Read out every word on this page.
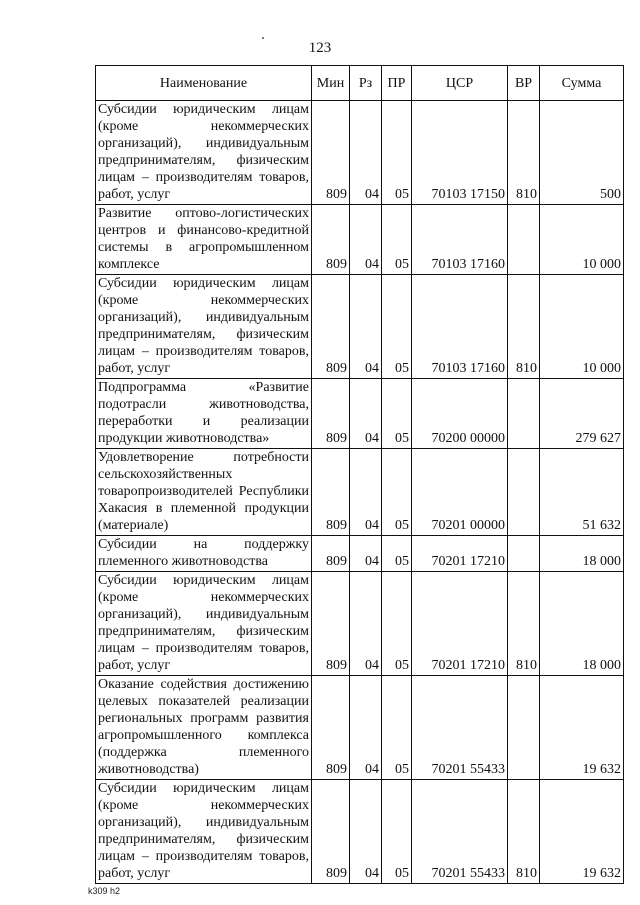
123
Наименование	Мин	Рз	ПР	ЦСР	ВР	Сумма
Субсидии юридическим лицам (кроме некоммерческих организаций), индивидуальным предпринимателям, физическим лицам – производителям товаров, работ, услуг	809	04	05	70103 17150	810	500
Развитие оптово-логистических центров и финансово-кредитной системы в агропромышленном комплексе	809	04	05	70103 17160		10 000
Субсидии юридическим лицам (кроме некоммерческих организаций), индивидуальным предпринимателям, физическим лицам – производителям товаров, работ, услуг	809	04	05	70103 17160	810	10 000
Подпрограмма «Развитие подотрасли животноводства, переработки и реализации продукции животноводства»	809	04	05	70200 00000		279 627
Удовлетворение потребности сельскохозяйственных товаропроизводителей Республики Хакасия в племенной продукции (материале)	809	04	05	70201 00000		51 632
Субсидии на поддержку племенного животноводства	809	04	05	70201 17210		18 000
Субсидии юридическим лицам (кроме некоммерческих организаций), индивидуальным предпринимателям, физическим лицам – производителям товаров, работ, услуг	809	04	05	70201 17210	810	18 000
Оказание содействия достижению целевых показателей реализации региональных программ развития агропромышленного комплекса (поддержка племенного животноводства)	809	04	05	70201 55433		19 632
Субсидии юридическим лицам (кроме некоммерческих организаций), индивидуальным предпринимателям, физическим лицам – производителям товаров, работ, услуг	809	04	05	70201 55433	810	19 632
k309 h2
